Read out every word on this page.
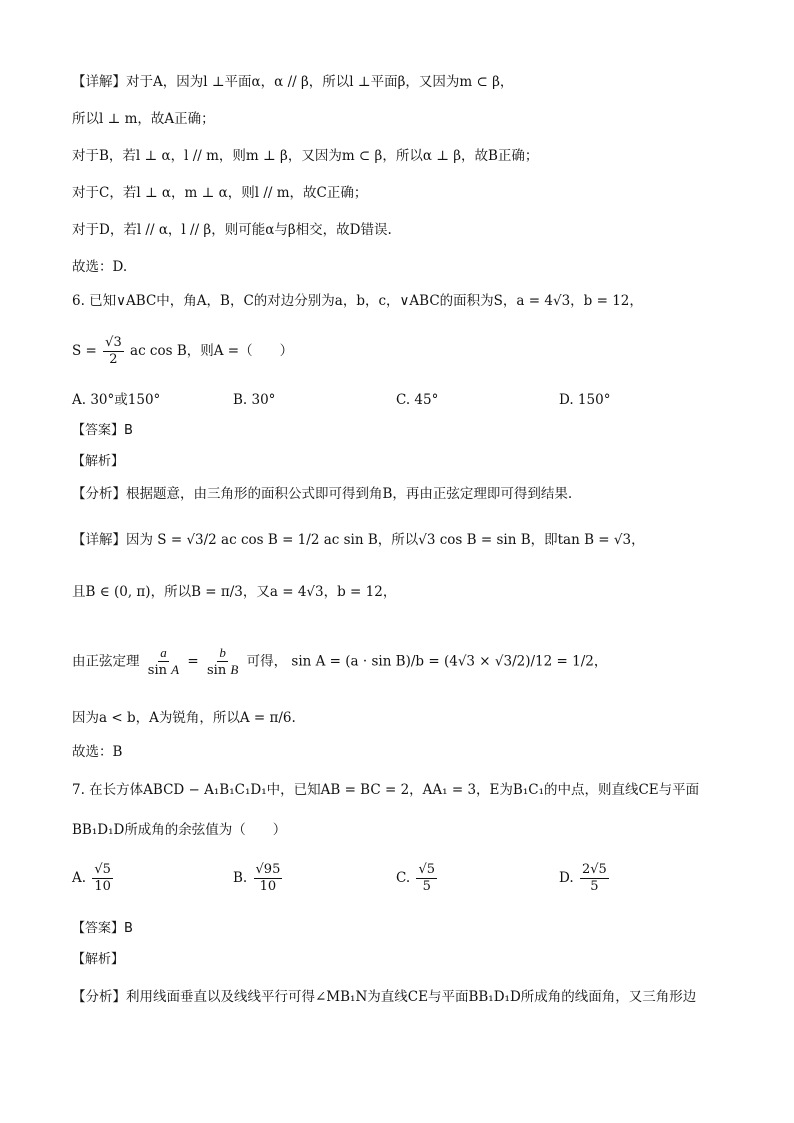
【详解】对于A，因为l ⊥平面α，α // β，所以l ⊥平面β，又因为m ⊂ β，
所以l ⊥ m，故A正确；
对于B，若l ⊥ α，l // m，则m ⊥ β，又因为m ⊂ β，所以α ⊥ β，故B正确；
对于C，若l ⊥ α，m ⊥ α，则l // m，故C正确；
对于D，若l // α，l // β，则可能α与β相交，故D错误.
故选：D.
6. 已知∨ABC中，角A，B，C的对边分别为a，b，c，∨ABC的面积为S，a = 4√3，b = 12，
$S = \frac{√3}{2}$ ac cos B，则A =（　　）
A. 30°或150°	B. 30°	C. 45°	D. 150°
【答案】B
【解析】
【分析】根据题意，由三角形的面积公式即可得到角B，再由正弦定理即可得到结果.
【详解】因为 S = √3/2 ac cos B = 1/2 ac sin B，所以√3 cos B = sin B，即tan B = √3，
且B ∈ (0, π)，所以B = π/3，又a = 4√3，b = 12，
由正弦定理 $\frac{a}{\text{sin A}} = \frac{b}{\text{sin B}}$ 可得， sin A = (a · sin B)/b = (4√3 × √3/2)/12 = 1/2，
因为a < b，A为锐角，所以A = π/6.
故选：B
7. 在长方体ABCD − A₁B₁C₁D₁中，已知AB = BC = 2，AA₁ = 3，E为B₁C₁的中点，则直线CE与平面
BB₁D₁D所成角的余弦值为（　　）
A. $\frac{√5}{10}$	B. $\frac{√95}{10}$	C. $\frac{√5}{5}$	D. $\frac{2√5}{5}$
【答案】B
【解析】
【分析】利用线面垂直以及线线平行可得∠MB₁N为直线CE与平面BB₁D₁D所成角的线面角，又三角形边
